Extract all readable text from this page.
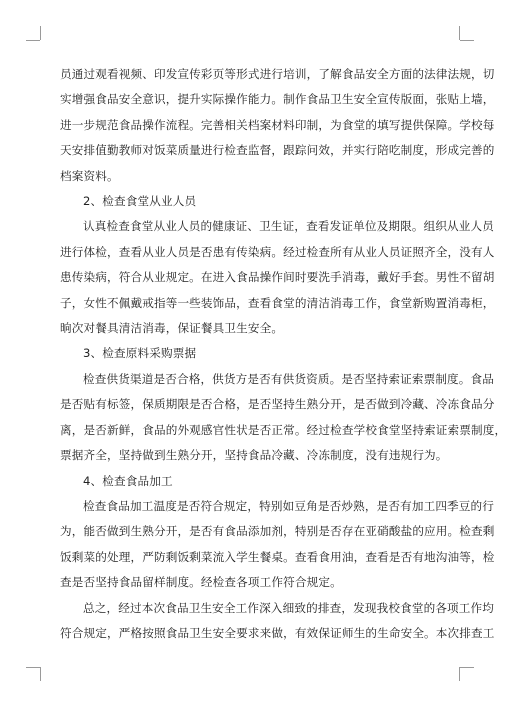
员通过观看视频、印发宣传彩页等形式进行培训，了解食品安全方面的法律法规，切
实增强食品安全意识，提升实际操作能力。制作食品卫生安全宣传版面，张贴上墙，
进一步规范食品操作流程。完善相关档案材料印制，为食堂的填写提供保障。学校每
天安排值勤教师对饭菜质量进行检查监督，跟踪问效，并实行陪吃制度，形成完善的
档案资料。

2、检查食堂从业人员

认真检查食堂从业人员的健康证、卫生证，查看发证单位及期限。组织从业人员
进行体检，查看从业人员是否患有传染病。经过检查所有从业人员证照齐全，没有人
患传染病，符合从业规定。在进入食品操作间时要洗手消毒，戴好手套。男性不留胡
子，女性不佩戴戒指等一些装饰品，查看食堂的清洁消毒工作，食堂新购置消毒柜，
晌次对餐具清洁消毒，保证餐具卫生安全。

3、检查原料采购票据

检查供货渠道是否合格，供货方是否有供货资质。是否坚持索证索票制度。食品
是否贴有标签，保质期限是否合格，是否坚持生熟分开，是否做到冷藏、冷冻食品分
离，是否新鲜，食品的外观感官性状是否正常。经过检查学校食堂坚持索证索票制度，
票据齐全，坚持做到生熟分开，坚持食品冷藏、冷冻制度，没有违规行为。

4、检查食品加工

检查食品加工温度是否符合规定，特别如豆角是否炒熟，是否有加工四季豆的行
为，能否做到生熟分开，是否有食品添加剂，特别是否存在亚硝酸盐的应用。检查剩
饭剩菜的处理，严防剩饭剩菜流入学生餐桌。查看食用油，查看是否有地沟油等，检
查是否坚持食品留样制度。经检查各项工作符合规定。

总之，经过本次食品卫生安全工作深入细致的排查，发现我校食堂的各项工作均
符合规定，严格按照食品卫生安全要求来做，有效保证师生的生命安全。本次排查工
